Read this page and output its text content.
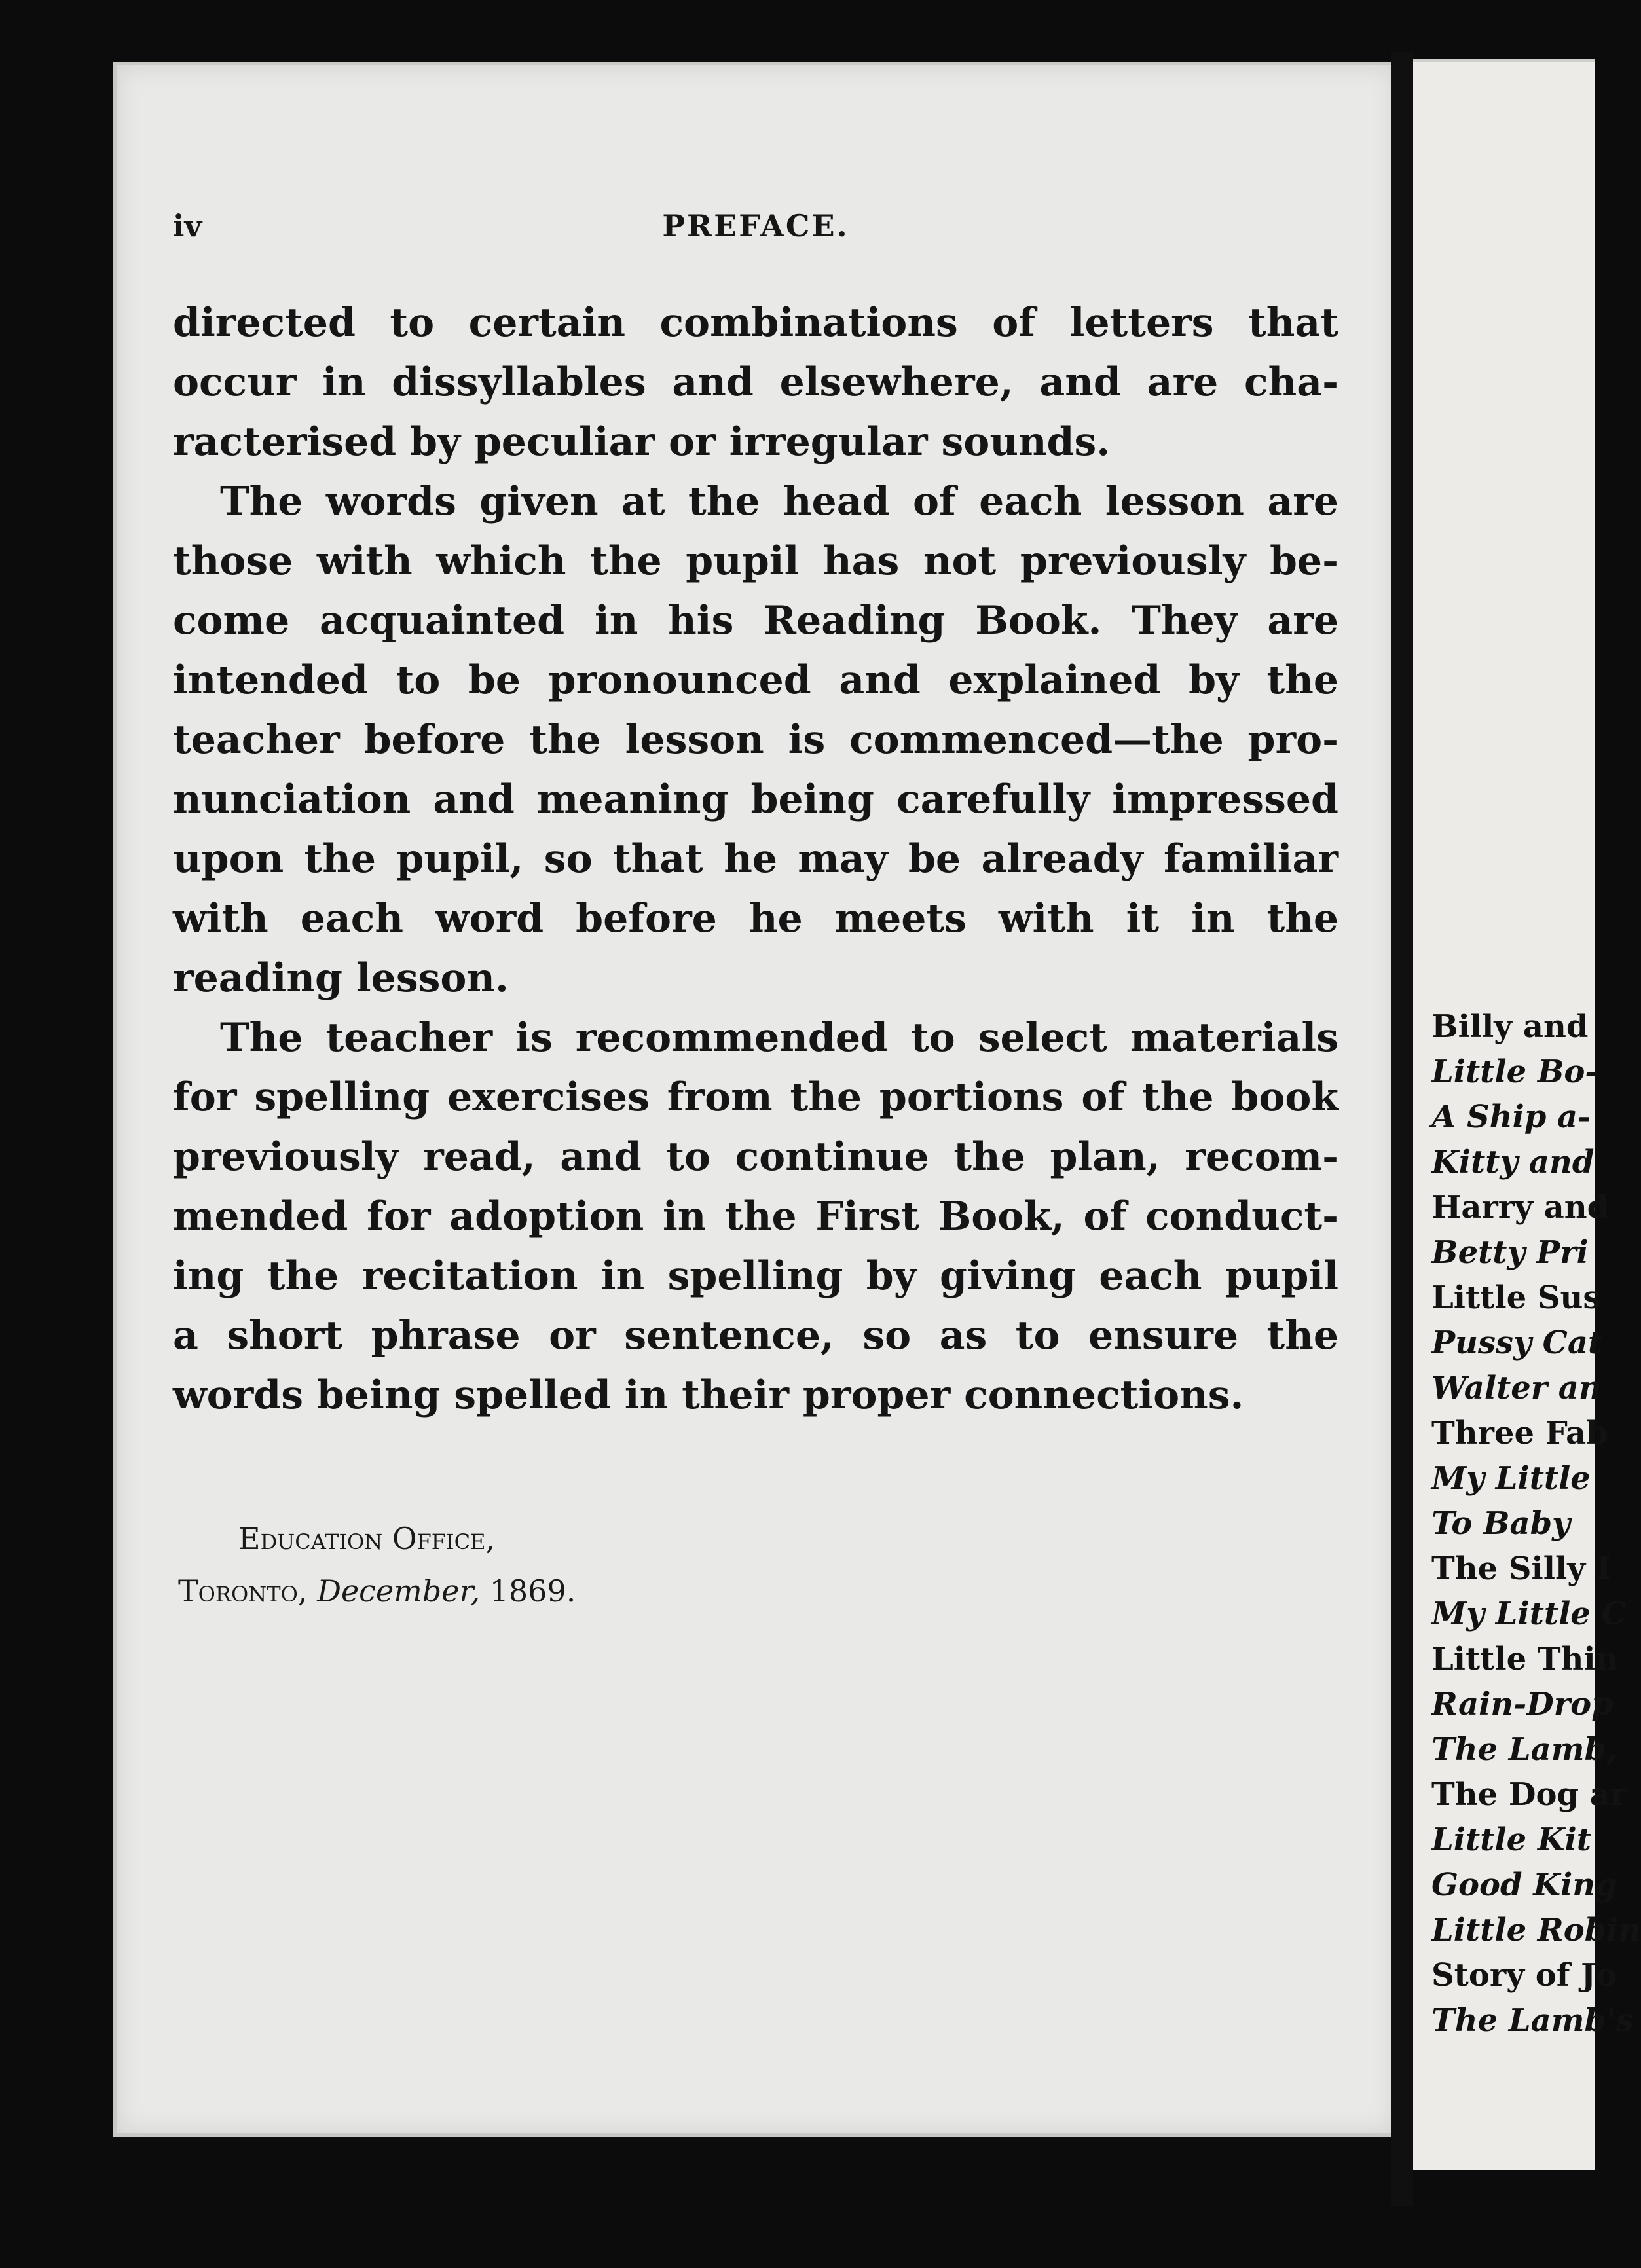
iv	PREFACE.
directed to certain combinations of letters that
occur in dissyllables and elsewhere, and are cha-
racterised by peculiar or irregular sounds.
The words given at the head of each lesson are
those with which the pupil has not previously be-
come acquainted in his Reading Book. They are
intended to be pronounced and explained by the
teacher before the lesson is commenced—the pro-
nunciation and meaning being carefully impressed
upon the pupil, so that he may be already familiar
with each word before he meets with it in the
reading lesson.
The teacher is recommended to select materials
for spelling exercises from the portions of the book
previously read, and to continue the plan, recom-
mended for adoption in the First Book, of conduct-
ing the recitation in spelling by giving each pupil
a short phrase or sentence, so as to ensure the
words being spelled in their proper connections.
Education Office,
Toronto, December, 1869.
Billy and
Little Bo-
A Ship a-
Kitty and
Harry and
Betty Pri
Little Sus
Pussy Cat
Walter an
Three Fab
My Little
To Baby
The Silly I
My Little C
Little Thin
Rain-Drop
The Lamb,
The Dog ar
Little Kit
Good King
Little Robin
Story of Jo
The Lamb's
